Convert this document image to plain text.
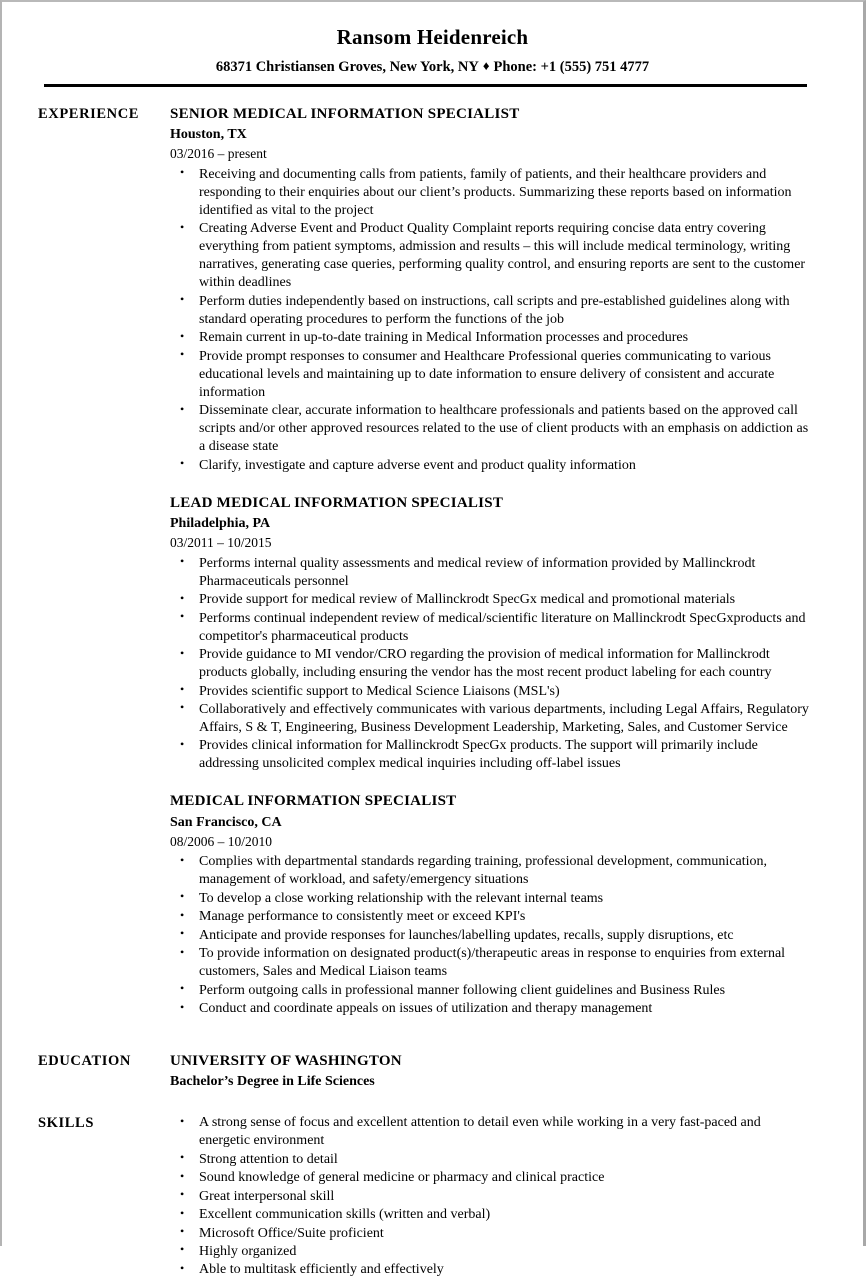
Ransom Heidenreich
68371 Christiansen Groves, New York, NY ♦ Phone: +1 (555) 751 4777
EXPERIENCE	SENIOR MEDICAL INFORMATION SPECIALIST
Houston, TX
03/2016 – present
• Receiving and documenting calls from patients, family of patients, and their healthcare providers and responding to their enquiries about our client’s products. Summarizing these reports based on information identified as vital to the project
• Creating Adverse Event and Product Quality Complaint reports requiring concise data entry covering everything from patient symptoms, admission and results – this will include medical terminology, writing narratives, generating case queries, performing quality control, and ensuring reports are sent to the customer within deadlines
• Perform duties independently based on instructions, call scripts and pre-established guidelines along with standard operating procedures to perform the functions of the job
• Remain current in up-to-date training in Medical Information processes and procedures
• Provide prompt responses to consumer and Healthcare Professional queries communicating to various educational levels and maintaining up to date information to ensure delivery of consistent and accurate information
• Disseminate clear, accurate information to healthcare professionals and patients based on the approved call scripts and/or other approved resources related to the use of client products with an emphasis on addiction as a disease state
• Clarify, investigate and capture adverse event and product quality information
LEAD MEDICAL INFORMATION SPECIALIST
Philadelphia, PA
03/2011 – 10/2015
• Performs internal quality assessments and medical review of information provided by Mallinckrodt Pharmaceuticals personnel
• Provide support for medical review of Mallinckrodt SpecGx medical and promotional materials
• Performs continual independent review of medical/scientific literature on Mallinckrodt SpecGxproducts and competitor's pharmaceutical products
• Provide guidance to MI vendor/CRO regarding the provision of medical information for Mallinckrodt products globally, including ensuring the vendor has the most recent product labeling for each country
• Provides scientific support to Medical Science Liaisons (MSL's)
• Collaboratively and effectively communicates with various departments, including Legal Affairs, Regulatory Affairs, S & T, Engineering, Business Development Leadership, Marketing, Sales, and Customer Service
• Provides clinical information for Mallinckrodt SpecGx products. The support will primarily include addressing unsolicited complex medical inquiries including off-label issues
MEDICAL INFORMATION SPECIALIST
San Francisco, CA
08/2006 – 10/2010
• Complies with departmental standards regarding training, professional development, communication, management of workload, and safety/emergency situations
• To develop a close working relationship with the relevant internal teams
• Manage performance to consistently meet or exceed KPI's
• Anticipate and provide responses for launches/labelling updates, recalls, supply disruptions, etc
• To provide information on designated product(s)/therapeutic areas in response to enquiries from external customers, Sales and Medical Liaison teams
• Perform outgoing calls in professional manner following client guidelines and Business Rules
• Conduct and coordinate appeals on issues of utilization and therapy management
EDUCATION	UNIVERSITY OF WASHINGTON
Bachelor’s Degree in Life Sciences
SKILLS	• A strong sense of focus and excellent attention to detail even while working in a very fast-paced and energetic environment
• Strong attention to detail
• Sound knowledge of general medicine or pharmacy and clinical practice
• Great interpersonal skill
• Excellent communication skills (written and verbal)
• Microsoft Office/Suite proficient
• Highly organized
• Able to multitask efficiently and effectively
